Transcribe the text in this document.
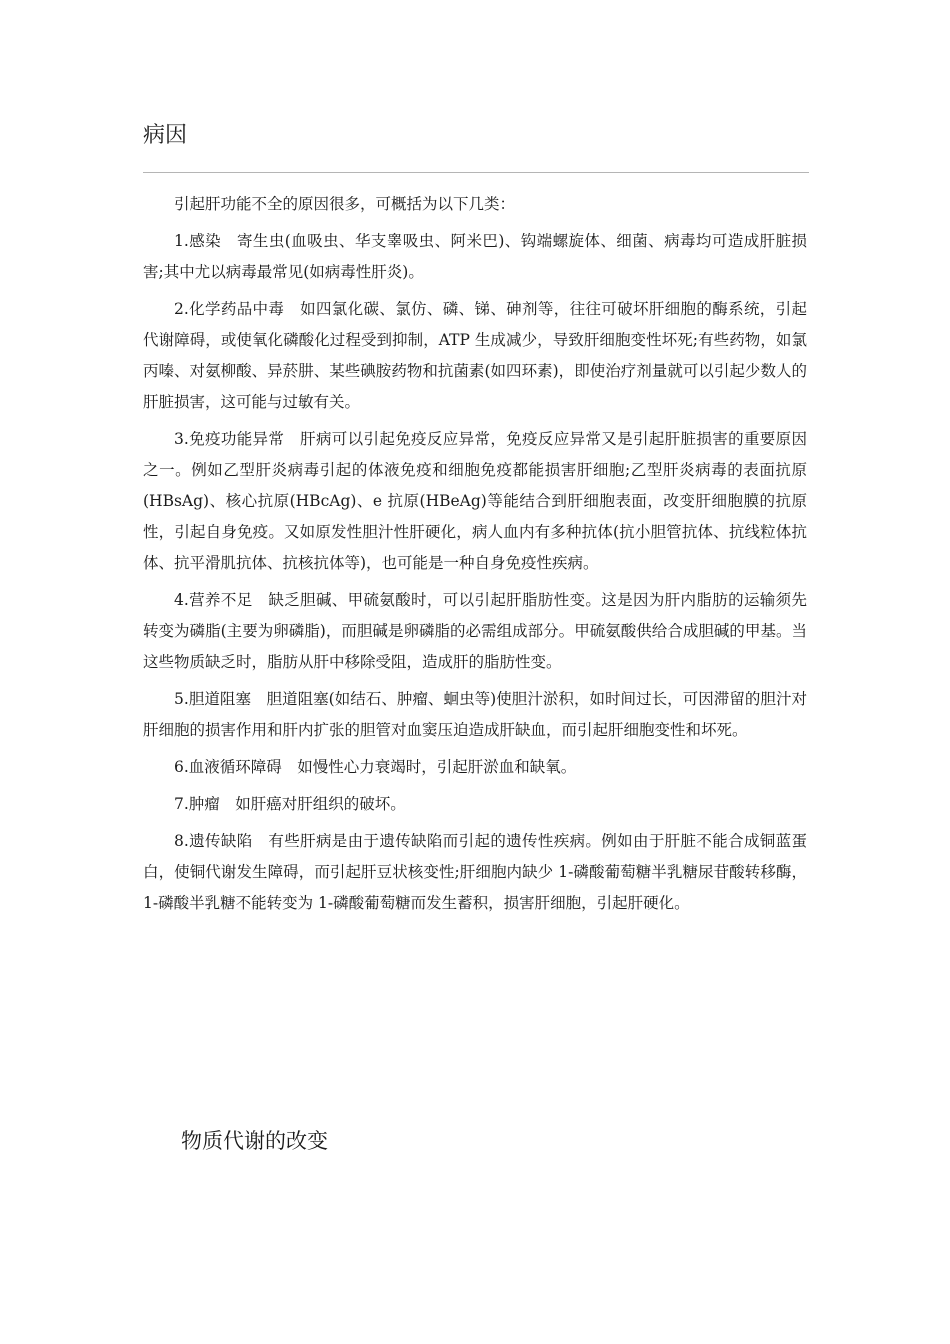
病因

引起肝功能不全的原因很多，可概括为以下几类：

1.感染　寄生虫(血吸虫、华支睾吸虫、阿米巴)、钩端螺旋体、细菌、病毒均可造成肝脏损害;其中尤以病毒最常见(如病毒性肝炎)。

2.化学药品中毒　如四氯化碳、氯仿、磷、锑、砷剂等，往往可破坏肝细胞的酶系统，引起代谢障碍，或使氧化磷酸化过程受到抑制，ATP 生成减少，导致肝细胞变性坏死;有些药物，如氯丙嗪、对氨柳酸、异菸肼、某些碘胺药物和抗菌素(如四环素)，即使治疗剂量就可以引起少数人的肝脏损害，这可能与过敏有关。

3.免疫功能异常　肝病可以引起免疫反应异常，免疫反应异常又是引起肝脏损害的重要原因之一。例如乙型肝炎病毒引起的体液免疫和细胞免疫都能损害肝细胞;乙型肝炎病毒的表面抗原(HBsAg)、核心抗原(HBcAg)、e 抗原(HBeAg)等能结合到肝细胞表面，改变肝细胞膜的抗原性，引起自身免疫。又如原发性胆汁性肝硬化，病人血内有多种抗体(抗小胆管抗体、抗线粒体抗体、抗平滑肌抗体、抗核抗体等)，也可能是一种自身免疫性疾病。

4.营养不足　缺乏胆碱、甲硫氨酸时，可以引起肝脂肪性变。这是因为肝内脂肪的运输须先转变为磷脂(主要为卵磷脂)，而胆碱是卵磷脂的必需组成部分。甲硫氨酸供给合成胆碱的甲基。当这些物质缺乏时，脂肪从肝中移除受阻，造成肝的脂肪性变。

5.胆道阻塞　胆道阻塞(如结石、肿瘤、蛔虫等)使胆汁淤积，如时间过长，可因滞留的胆汁对肝细胞的损害作用和肝内扩张的胆管对血窦压迫造成肝缺血，而引起肝细胞变性和坏死。

6.血液循环障碍　如慢性心力衰竭时，引起肝淤血和缺氧。

7.肿瘤　如肝癌对肝组织的破坏。

8.遗传缺陷　有些肝病是由于遗传缺陷而引起的遗传性疾病。例如由于肝脏不能合成铜蓝蛋白，使铜代谢发生障碍，而引起肝豆状核变性;肝细胞内缺少 1-磷酸葡萄糖半乳糖尿苷酸转移酶，1-磷酸半乳糖不能转变为 1-磷酸葡萄糖而发生蓄积，损害肝细胞，引起肝硬化。

物质代谢的改变
